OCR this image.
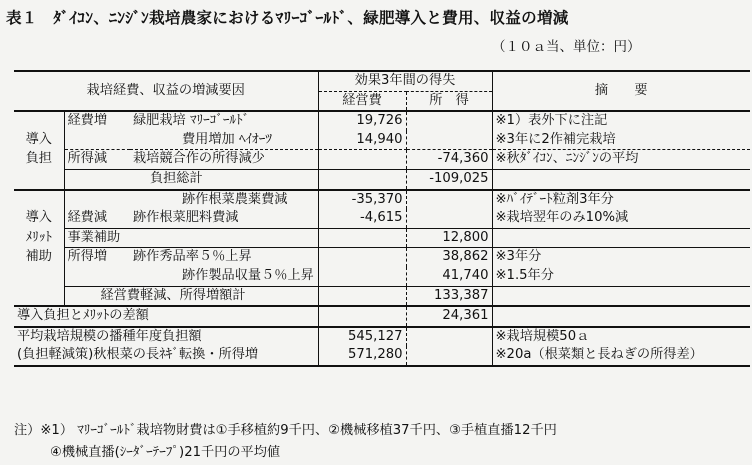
表１　ﾀﾞｲｺﾝ、ﾆﾝｼﾞﾝ栽培農家におけるﾏﾘｰｺﾞｰﾙﾄﾞ、緑肥導入と費用、収益の増減
（１０ａ当、単位：円）
栽培経費、収益の増減要因			効果3年間の得失		摘　　要
			経営費	所　得	
	経費増	緑肥栽培 ﾏﾘｰｺﾞｰﾙﾄﾞ	19,726		※1）表外下に注記
導入		費用増加 ﾍｲｵｰﾂ	14,940		※3年に2作補完栽培
負担	所得減	栽培競合作の所得減少		-74,360	※秋ﾀﾞｲｺﾝ、ﾆﾝｼﾞﾝの平均
		負担総計		-109,025	
		跡作根菜農薬費減	-35,370		※ﾊﾞｲﾃﾞｰﾄ粒剤3年分
導入	経費減	跡作根菜肥料費減	-4,615		※栽培翌年のみ10%減
ﾒﾘｯﾄ	事業補助			12,800	
補助	所得増	跡作秀品率５％上昇		38,862	※3年分
		跡作製品収量５％上昇		41,740	※1.5年分
	経営費軽減、所得増額計			133,387	
導入負担とﾒﾘｯﾄの差額				24,361	
平均栽培規模の播種年度負担額			545,127		※栽培規模50ａ
(負担軽減策)秋根菜の長ﾈｷﾞ転換・所得増			571,280		※20a（根菜類と長ねぎの所得差）
注）※1） ﾏﾘｰｺﾞｰﾙﾄﾞ栽培物財費は①手移植約9千円、②機械移植37千円、③手植直播12千円
④機械直播(ｼｰﾀﾞｰﾃｰﾌﾟ)21千円の平均値
